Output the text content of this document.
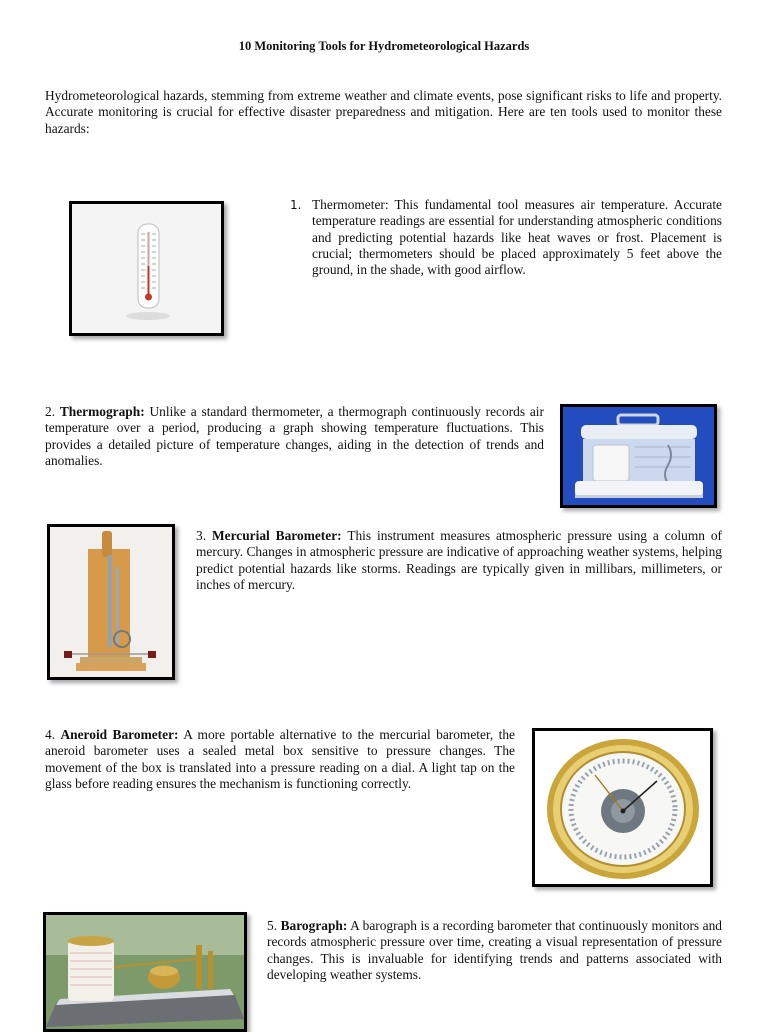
10 Monitoring Tools for Hydrometeorological Hazards

Hydrometeorological hazards, stemming from extreme weather and climate events, pose significant risks to life and property. Accurate monitoring is crucial for effective disaster preparedness and mitigation. Here are ten tools used to monitor these hazards:

1. Thermometer: This fundamental tool measures air temperature. Accurate temperature readings are essential for understanding atmospheric conditions and predicting potential hazards like heat waves or frost. Placement is crucial; thermometers should be placed approximately 5 feet above the ground, in the shade, with good airflow.

2. Thermograph: Unlike a standard thermometer, a thermograph continuously records air temperature over a period, producing a graph showing temperature fluctuations. This provides a detailed picture of temperature changes, aiding in the detection of trends and anomalies.

3. Mercurial Barometer: This instrument measures atmospheric pressure using a column of mercury. Changes in atmospheric pressure are indicative of approaching weather systems, helping predict potential hazards like storms. Readings are typically given in millibars, millimeters, or inches of mercury.

4. Aneroid Barometer: A more portable alternative to the mercurial barometer, the aneroid barometer uses a sealed metal box sensitive to pressure changes. The movement of the box is translated into a pressure reading on a dial. A light tap on the glass before reading ensures the mechanism is functioning correctly.

5. Barograph: A barograph is a recording barometer that continuously monitors and records atmospheric pressure over time, creating a visual representation of pressure changes. This is invaluable for identifying trends and patterns associated with developing weather systems.
